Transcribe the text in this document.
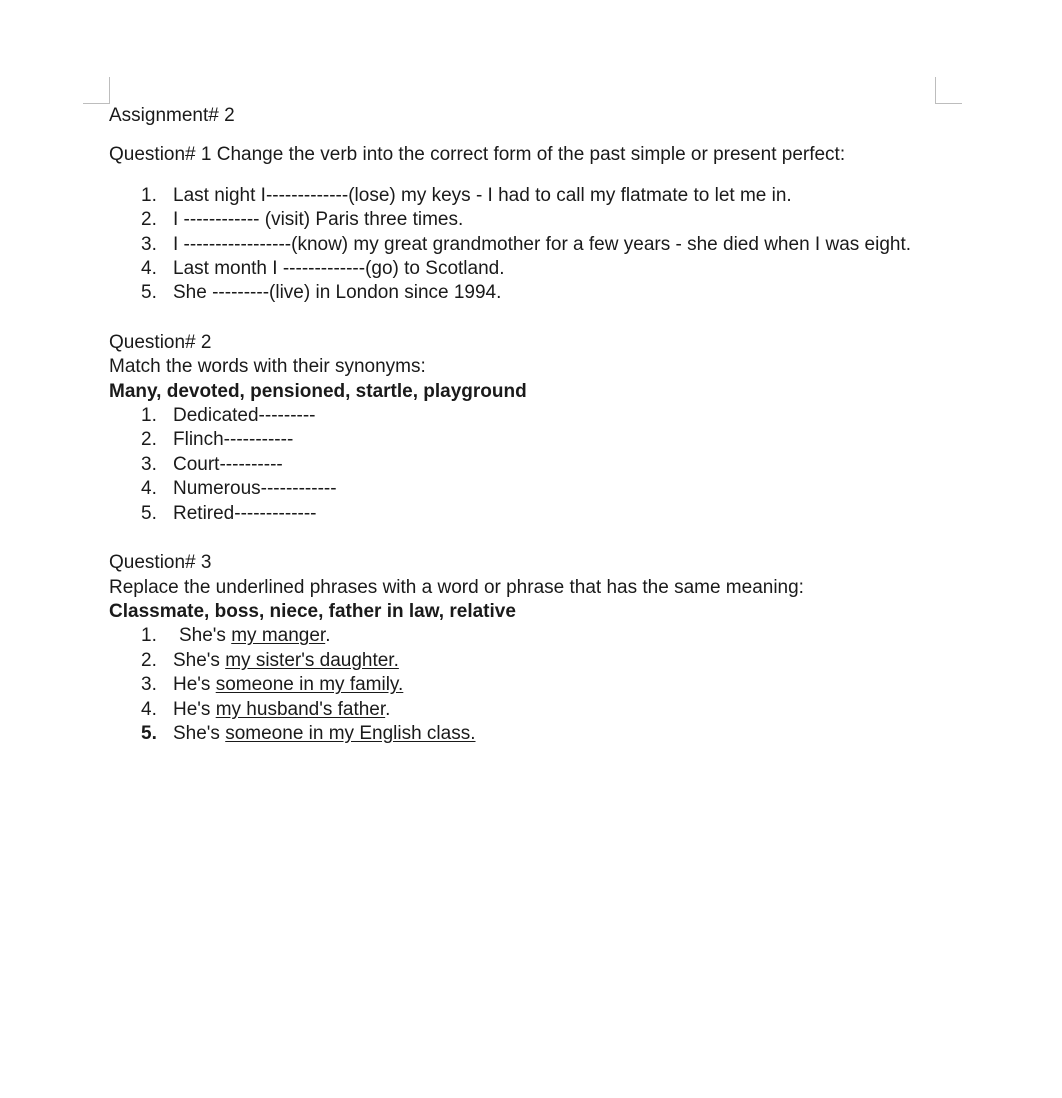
Assignment# 2

Question# 1 Change the verb into the correct form of the past simple or present perfect:

1. Last night I-------------(lose) my keys - I had to call my flatmate to let me in.
2. I ------------ (visit) Paris three times.
3. I -----------------(know) my great grandmother for a few years - she died when I was eight.
4. Last month I -------------(go) to Scotland.
5. She ---------(live) in London since 1994.

Question# 2

Match the words with their synonyms:

Many, devoted, pensioned, startle, playground

1. Dedicated---------
2. Flinch-----------
3. Court----------
4. Numerous------------
5. Retired-------------

Question# 3

Replace the underlined phrases with a word or phrase that has the same meaning:

Classmate, boss, niece, father in law, relative

1. She's my manger.
2. She's my sister's daughter.
3. He's someone in my family.
4. He's my husband's father.
5. She's someone in my English class.
